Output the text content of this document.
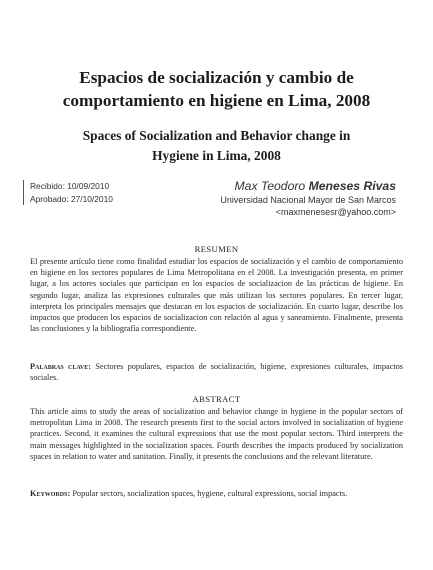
Espacios de socialización y cambio de
comportamiento en higiene en Lima, 2008
Spaces of Socialization and Behavior change in
Hygiene in Lima, 2008
Recibido: 10/09/2010
Aprobado: 27/10/2010
Max Teodoro Meneses Rivas
Universidad Nacional Mayor de San Marcos
<maxmenesesr@yahoo.com>
RESUMEN
El presente artículo tiene como finalidad estudiar los espacios de socialización y el cambio de comportamiento en higiene en los sectores populares de Lima Metropolitana en el 2008. La investigación presenta, en primer lugar, a los actores sociales que participan en los espacios de socializacion de las prácticas de higiene. En segundo lugar, analiza las expresiones culturales que más utilizan los sectores populares. En tercer lugar, interpreta los principales mensajes que destacan en los espacios de socialización. En cuarto lugar, describe los impactos que producen los espacios de socializacion con relación al agua y saneamiento. Finalmente, presenta las conclusiones y la bibliografía correspondiente.
Palabras clave: Sectores populares, espacios de socialización, higiene, expresiones culturales, impactos sociales.
ABSTRACT
This article aims to study the areas of socialization and behavior change in hygiene in the popular sectors of metropolitan Lima in 2008. The research presents first to the social actors involved in socialization of hygiene practices. Second, it examines the cultural expressions that use the most popular sectors. Third interprets the main messages highlighted in the socialization spaces. Fourth describes the impacts produced by socialization spaces in relation to water and sanitation. Finally, it presents the conclusions and the relevant literature.
Keywords: Popular sectors, socialization spaces, hygiene, cultural expressions, social impacts.
